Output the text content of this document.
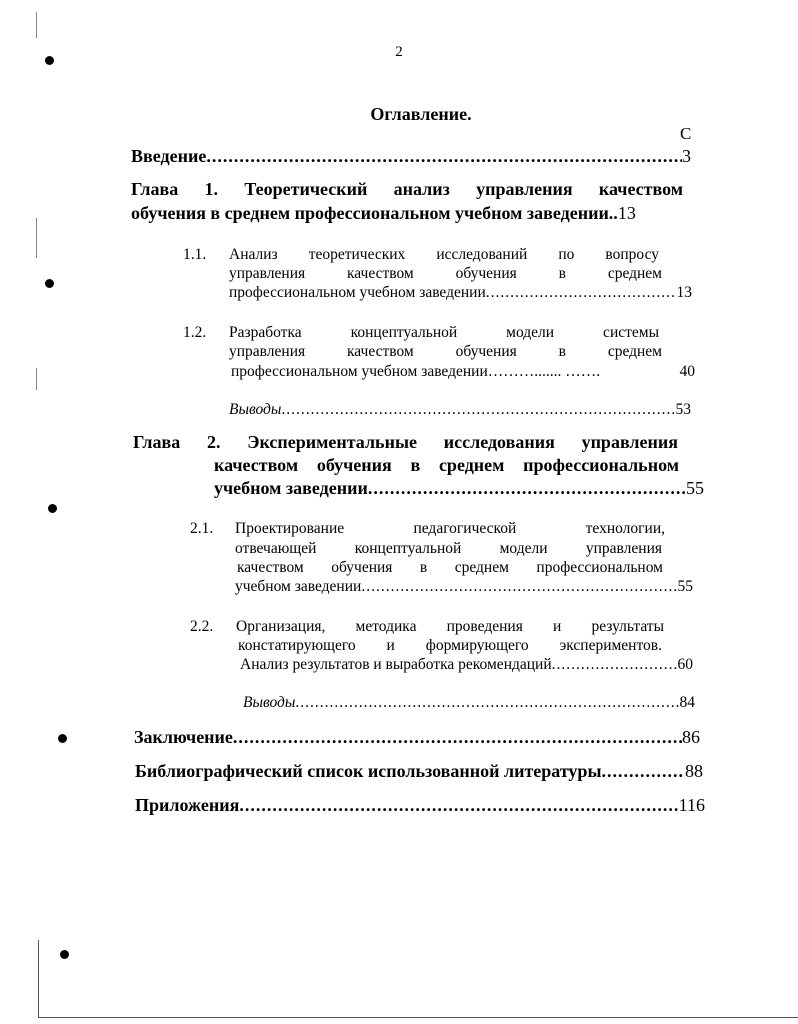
2
Оглавление.
С
Введение .....	3
Глава 1. Теоретический анализ управления качеством
обучения в среднем профессиональном учебном заведении.. 13
1.1. Анализ теоретических исследований по вопросу
управления качеством обучения в среднем
профессиональном учебном заведении .....	13
1.2. Разработка концептуальной модели системы
управления качеством обучения в среднем
профессиональном учебном заведении………....... …….	40
Выводы .....	53
Глава 2. Экспериментальные исследования управления
качеством обучения в среднем профессиональном
учебном заведении .....	55
2.1. Проектирование педагогической технологии,
отвечающей концептуальной модели управления
качеством обучения в среднем профессиональном
учебном заведении .....	55
2.2. Организация, методика проведения и результаты
констатирующего и формирующего экспериментов.
Анализ результатов и выработка рекомендаций .....	60
Выводы .....	84
Заключение .....	86
Библиографический список использованной литературы .....	88
Приложения .....	116
